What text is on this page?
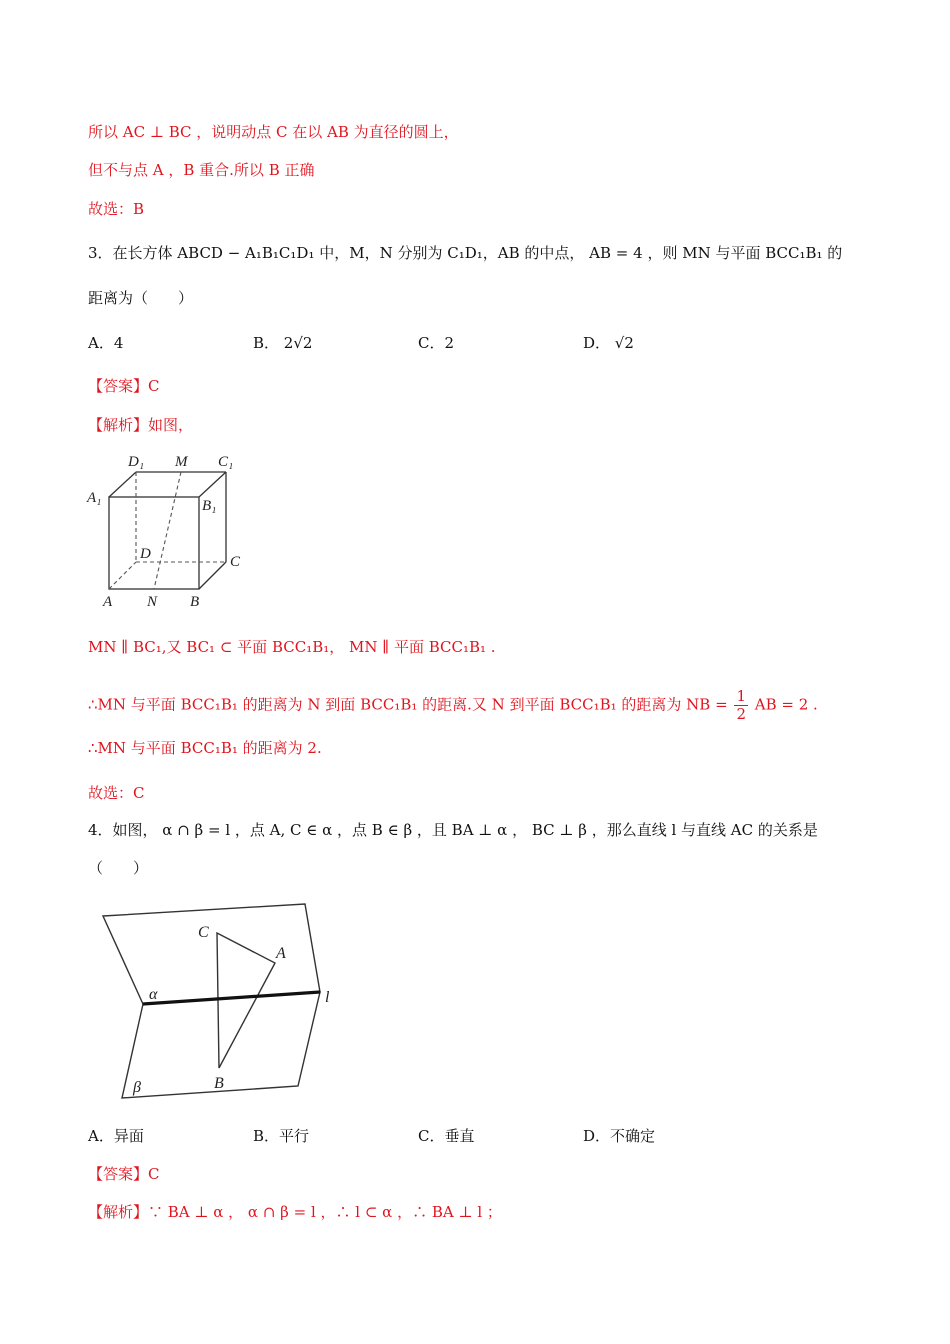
所以 AC ⊥ BC ，说明动点 C 在以 AB 为直径的圆上，
但不与点 A ，B 重合.所以 B 正确
故选：B
3．在长方体 ABCD − A₁B₁C₁D₁ 中，M，N 分别为 C₁D₁，AB 的中点， AB = 4 ，则 MN 与平面 BCC₁B₁ 的
距离为（　　）
A．4	B． 2√2	C．2	D． √2
【答案】C
【解析】如图，
D₁ M C₁
A₁	B₁
D	C
A N B
MN ∥ BC₁,又 BC₁ ⊂ 平面 BCC₁B₁， MN ∥ 平面 BCC₁B₁ .
∴MN 与平面 BCC₁B₁ 的距离为 N 到面 BCC₁B₁ 的距离.又 N 到平面 BCC₁B₁ 的距离为 NB = $\frac{1}{2}$ AB = 2 .
∴MN 与平面 BCC₁B₁ 的距离为 2.
故选：C
4．如图， α ∩ β = l ，点 A, C ∈ α ，点 B ∈ β ，且 BA ⊥ α ， BC ⊥ β ，那么直线 l 与直线 AC 的关系是
（　　）
C
A
α	l
β	B
A．异面	B．平行	C．垂直	D．不确定
【答案】C
【解析】∵ BA ⊥ α ， α ∩ β = l ，∴ l ⊂ α ，∴ BA ⊥ l ；
